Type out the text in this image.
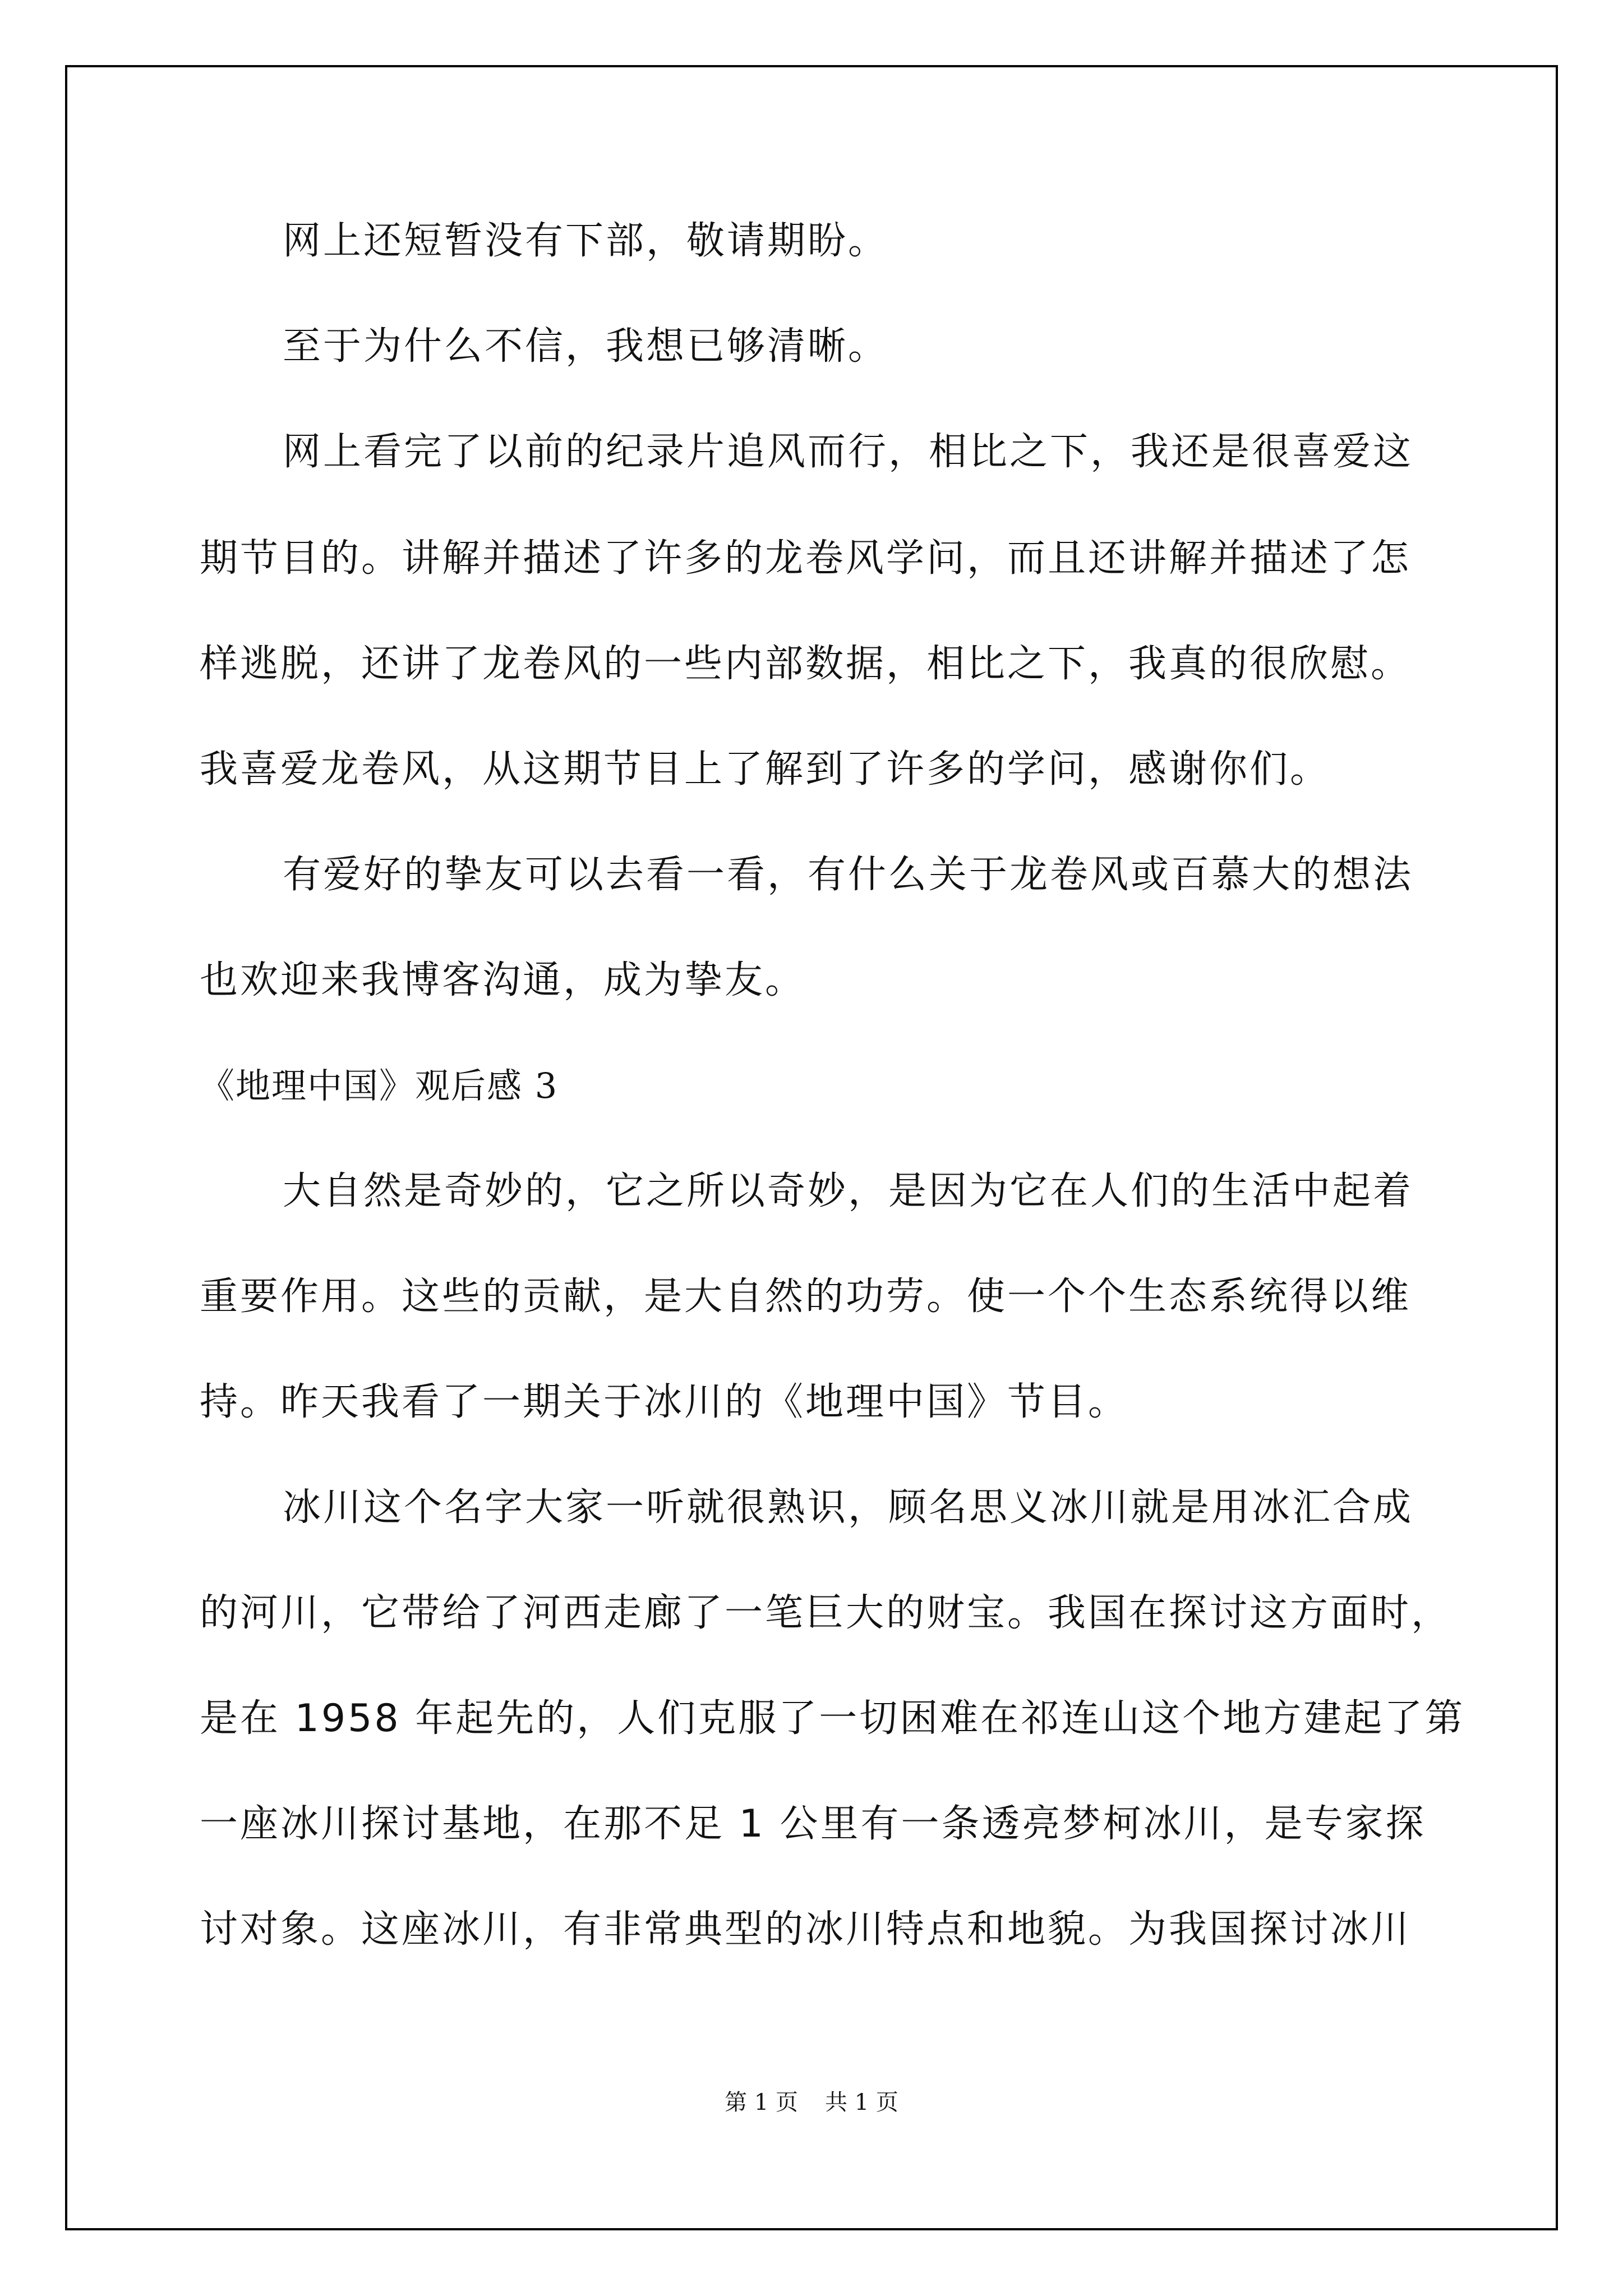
网上还短暂没有下部，敬请期盼。
至于为什么不信，我想已够清晰。
网上看完了以前的纪录片追风而行，相比之下，我还是很喜爱这
期节目的。讲解并描述了许多的龙卷风学问，而且还讲解并描述了怎
样逃脱，还讲了龙卷风的一些内部数据，相比之下，我真的很欣慰。
我喜爱龙卷风，从这期节目上了解到了许多的学问，感谢你们。
有爱好的挚友可以去看一看，有什么关于龙卷风或百慕大的想法
也欢迎来我博客沟通，成为挚友。
《地理中国》观后感 3
大自然是奇妙的，它之所以奇妙，是因为它在人们的生活中起着
重要作用。这些的贡献，是大自然的功劳。使一个个生态系统得以维
持。昨天我看了一期关于冰川的《地理中国》节目。
冰川这个名字大家一听就很熟识，顾名思义冰川就是用冰汇合成
的河川，它带给了河西走廊了一笔巨大的财宝。我国在探讨这方面时，
是在 1958 年起先的，人们克服了一切困难在祁连山这个地方建起了第
一座冰川探讨基地，在那不足 1 公里有一条透亮梦柯冰川，是专家探
讨对象。这座冰川，有非常典型的冰川特点和地貌。为我国探讨冰川
第 1 页 共 1 页
